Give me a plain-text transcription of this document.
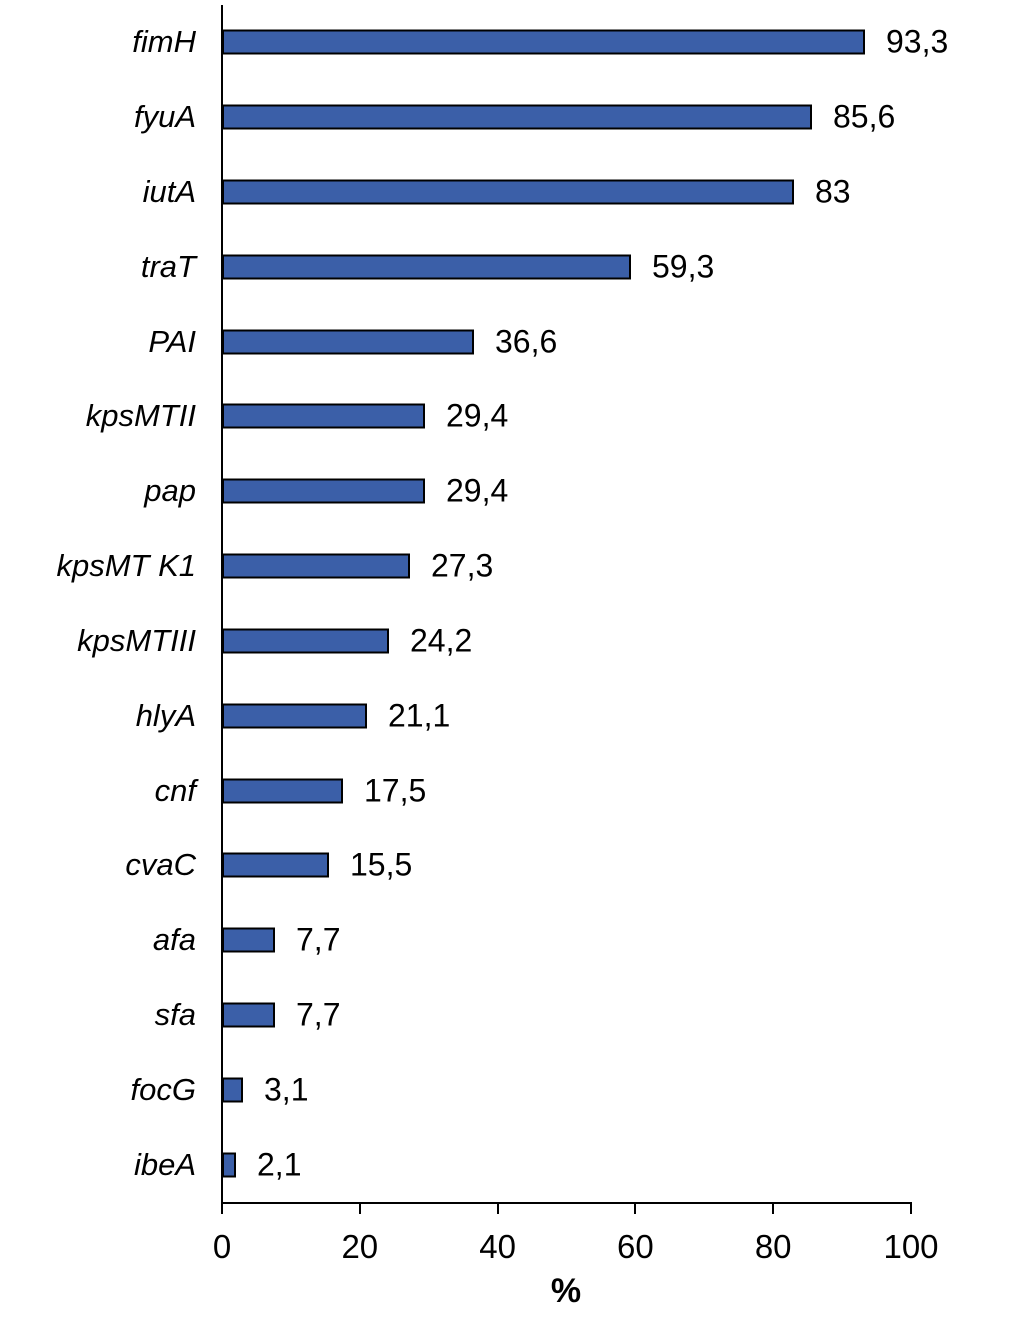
fimH	93,3
fyuA	85,6
iutA	83
traT	59,3
PAI	36,6
kpsMTII	29,4
pap	29,4
kpsMT K1	27,3
kpsMTIII	24,2
hlyA	21,1
cnf	17,5
cvaC	15,5
afa	7,7
sfa	7,7
focG 3,1
ibeA 2,1
0	20	40	60	80	100
%
